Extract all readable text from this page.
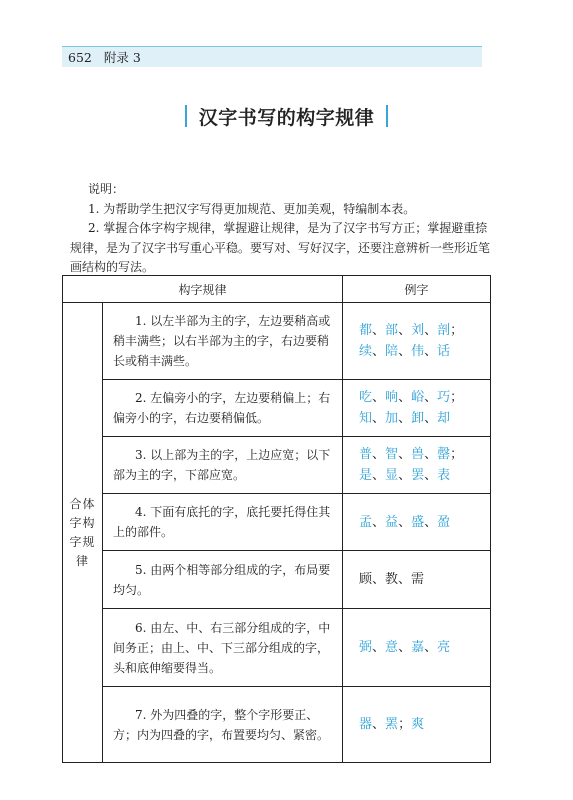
652 附录 3
汉字书写的构字规律

说明：

1. 为帮助学生把汉字写得更加规范、更加美观，特编制本表。

2. 掌握合体字构字规律，掌握避让规律，是为了汉字书写方正；掌握避重捺规律，是为了汉字书写重心平稳。要写对、写好汉字，还要注意辨析一些形近笔画结构的写法。

构字规律		例字
合体字构字规律	1. 以左半部为主的字，左边要稍高或稍丰满些；以右半部为主的字，右边要稍长或稍丰满些。	都、部、刘、剖；
续、陪、伟、话

	2. 左偏旁小的字，左边要稍偏上；右偏旁小的字，右边要稍偏低。	吃、响、峪、巧；
知、加、卸、却

	3. 以上部为主的字，上边应宽；以下部为主的字，下部应宽。	普、智、兽、罄；
是、显、罢、表

	4. 下面有底托的字，底托要托得住其上的部件。	孟、益、盛、盈

	5. 由两个相等部分组成的字，布局要均匀。	顾、教、需
	6. 由左、中、右三部分组成的字，中间务正；由上、中、下三部分组成的字，头和底伸缩要得当。	弼、意、嘉、亮

	7. 外为四叠的字，整个字形要正、方；内为四叠的字，布置要均匀、紧密。	器、罴；爽
